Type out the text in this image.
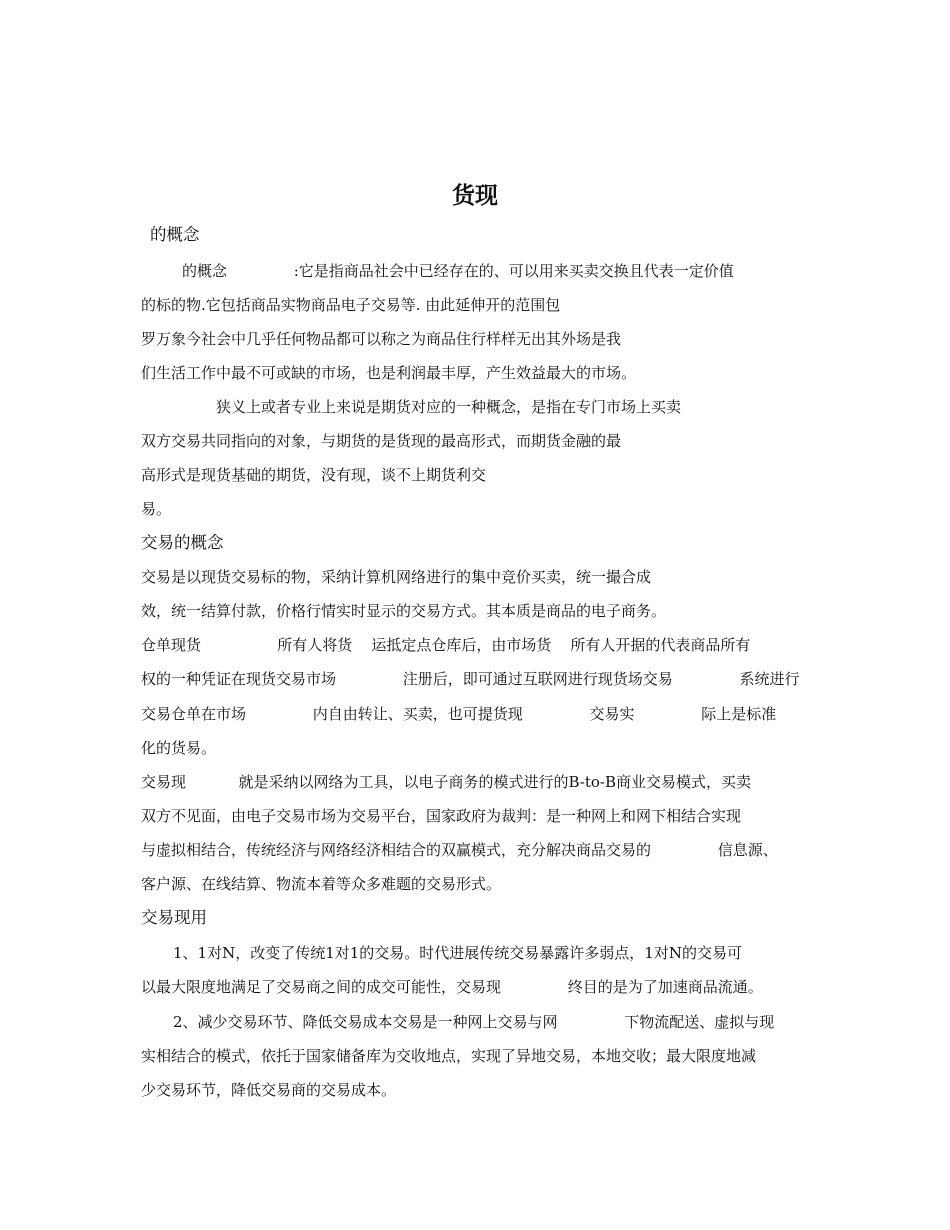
货现
的概念
的概念              :它是指商品社会中已经存在的、可以用来买卖交换且代表一定价值
的标的物.它包括商品实物商品电子交易等. 由此延伸开的范围包
罗万象今社会中几乎任何物品都可以称之为商品住行样样无出其外场是我
们生活工作中最不可或缺的市场，也是利润最丰厚，产生效益最大的市场。
狭义上或者专业上来说是期货对应的一种概念，是指在专门市场上买卖
双方交易共同指向的对象，与期货的是货现的最高形式，而期货金融的最
高形式是现货基础的期货，没有现，谈不上期货利交
易。
交易的概念
交易是以现货交易标的物，采纳计算机网络进行的集中竞价买卖，统一撮合成
效，统一结算付款，价格行情实时显示的交易方式。其本质是商品的电子商务。
仓单现货                所有人将货    运抵定点仓库后，由市场货    所有人开据的代表商品所有
权的一种凭证在现货交易市场              注册后，即可通过互联网进行现货场交易              系统进行
交易仓单在市场              内自由转让、买卖，也可提货现              交易实              际上是标准
化的货易。
交易现           就是采纳以网络为工具，以电子商务的模式进行的B-to-B商业交易模式，买卖
双方不见面，由电子交易市场为交易平台，国家政府为裁判：是一种网上和网下相结合实现
与虚拟相结合，传统经济与网络经济相结合的双赢模式，充分解决商品交易的              信息源、
客户源、在线结算、物流本着等众多难题的交易形式。
交易现用
1、1对N，改变了传统1对1的交易。时代进展传统交易暴露许多弱点，1对N的交易可
以最大限度地满足了交易商之间的成交可能性，交易现              终目的是为了加速商品流通。
2、减少交易环节、降低交易成本交易是一种网上交易与网              下物流配送、虚拟与现
实相结合的模式，依托于国家储备库为交收地点，实现了异地交易，本地交收；最大限度地减
少交易环节，降低交易商的交易成本。
